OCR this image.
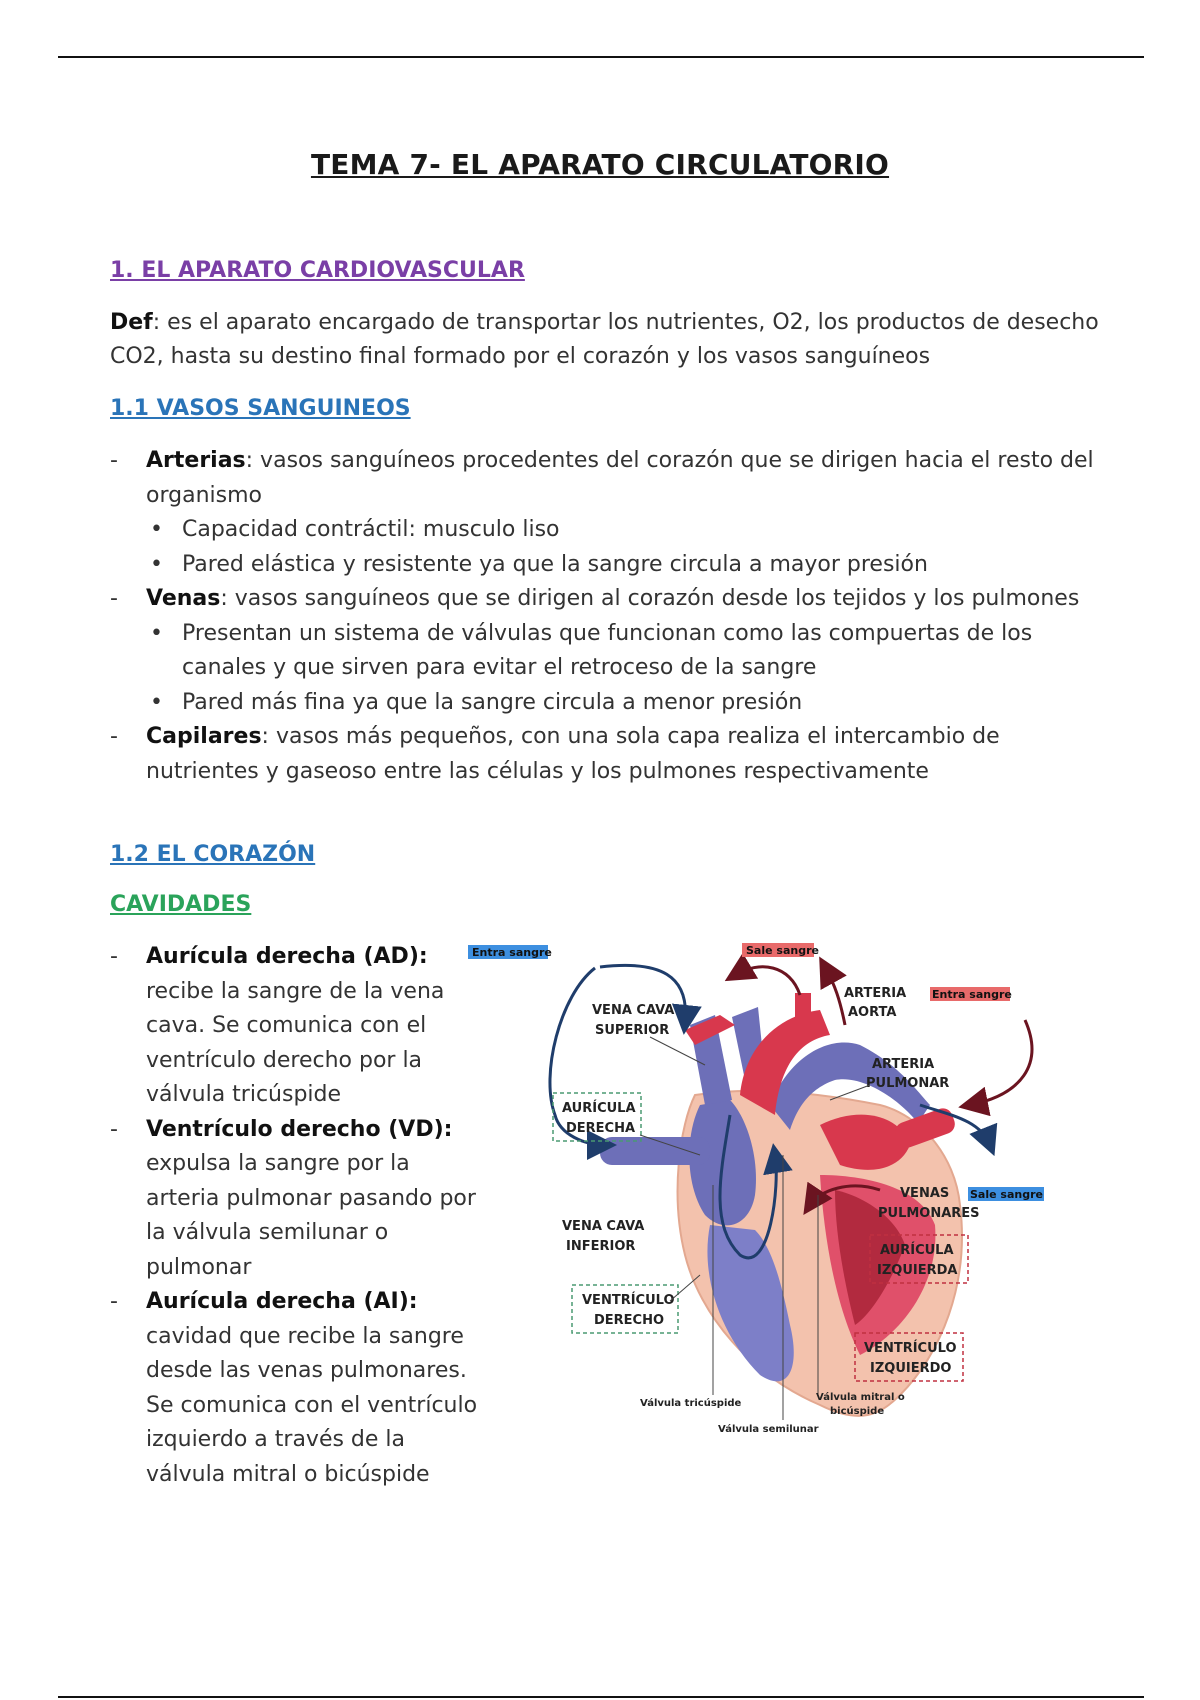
TEMA 7- EL APARATO CIRCULATORIO
1. EL APARATO CARDIOVASCULAR
Def: es el aparato encargado de transportar los nutrientes, O2, los productos de desecho CO2, hasta su destino final formado por el corazón y los vasos sanguíneos
1.1 VASOS SANGUINEOS
- Arterias: vasos sanguíneos procedentes del corazón que se dirigen hacia el resto del organismo
• Capacidad contráctil: musculo liso
• Pared elástica y resistente ya que la sangre circula a mayor presión
- Venas: vasos sanguíneos que se dirigen al corazón desde los tejidos y los pulmones
• Presentan un sistema de válvulas que funcionan como las compuertas de los canales y que sirven para evitar el retroceso de la sangre
• Pared más fina ya que la sangre circula a menor presión
- Capilares: vasos más pequeños, con una sola capa realiza el intercambio de nutrientes y gaseoso entre las células y los pulmones respectivamente
1.2 EL CORAZÓN
CAVIDADES
- Aurícula derecha (AD):
recibe la sangre de la vena cava. Se comunica con el ventrículo derecho por la válvula tricúspide
- Ventrículo derecho (VD):
expulsa la sangre por la arteria pulmonar pasando por la válvula semilunar o pulmonar
- Aurícula derecha (AI):
cavidad que recibe la sangre desde las venas pulmonares. Se comunica con el ventrículo izquierdo a través de la válvula mitral o bicúspide
Entra sangre	Sale sangre
Entra sangre
Sale sangre
VENA CAVA
SUPERIOR
ARTERIA
AORTA
ARTERIA
PULMONAR
AURÍCULA
DERECHA
VENAS
PULMONARES
VENA CAVA
INFERIOR	AURÍCULA
IZQUIERDA
VENTRÍCULO
DERECHO
VENTRÍCULO
IZQUIERDO
Válvula tricúspide
Válvula semilunar
Válvula mitral o
bicúspide
